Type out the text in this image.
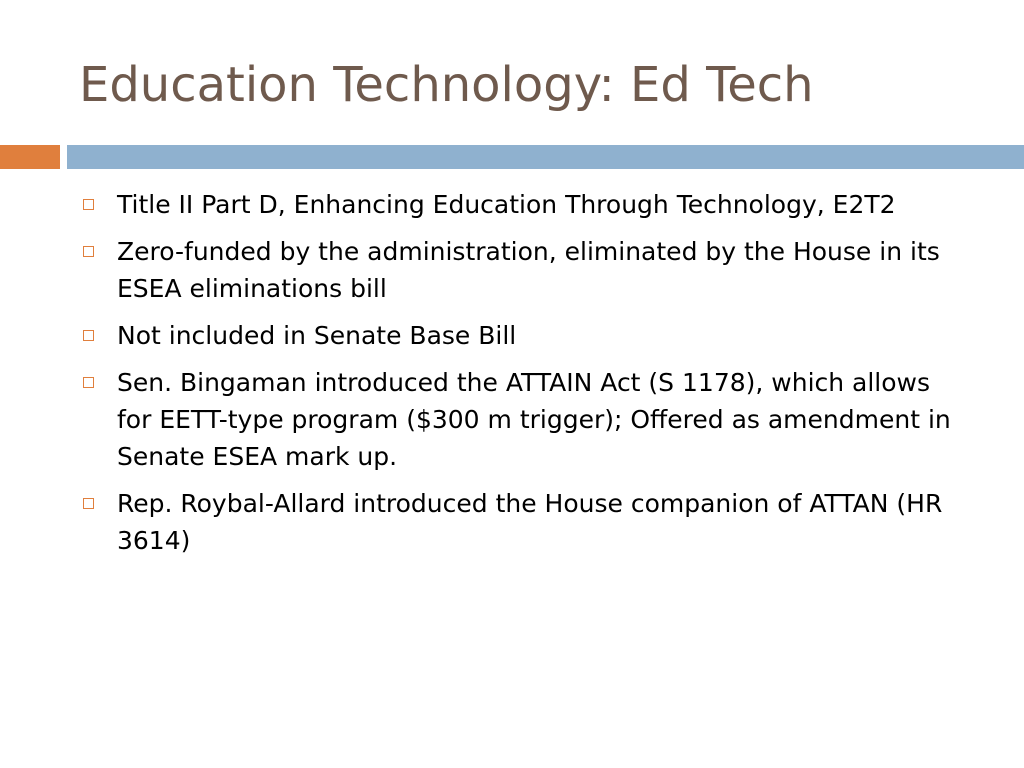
Education Technology: Ed Tech
Title II Part D, Enhancing Education Through Technology, E2T2
Zero-funded by the administration, eliminated by the House in its ESEA eliminations bill
Not included in Senate Base Bill
Sen. Bingaman introduced the ATTAIN Act (S 1178), which allows for EETT-type program ($300 m trigger); Offered as amendment in Senate ESEA mark up.
Rep. Roybal-Allard introduced the House companion of ATTAN (HR 3614)
